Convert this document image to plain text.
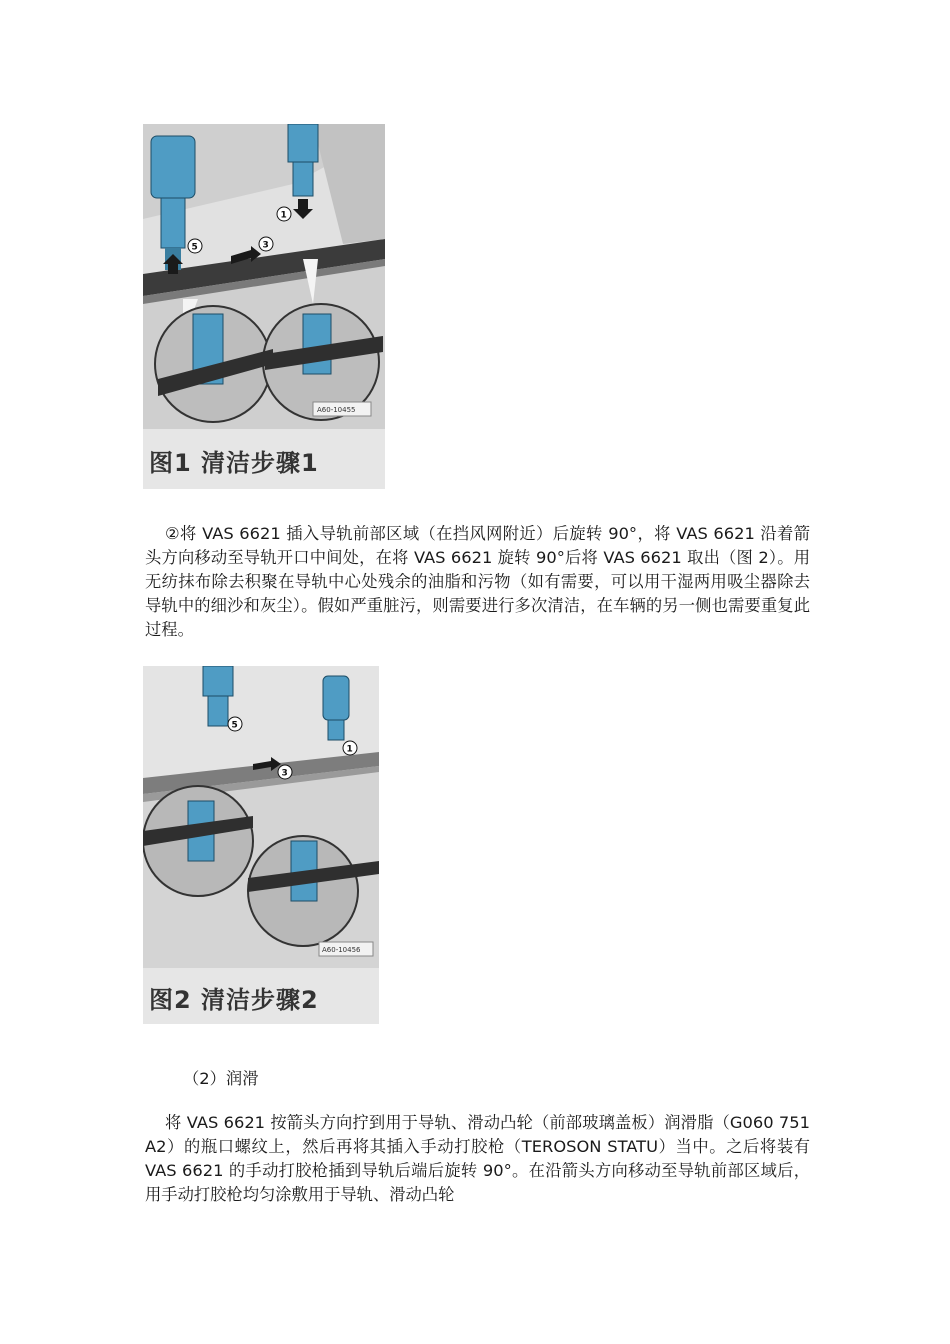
1
3
5
A60-10455
图1 清洁步骤1

②将 VAS 6621 插入导轨前部区域（在挡风网附近）后旋转 90°，将 VAS 6621 沿着箭头方向移动至导轨开口中间处，在将 VAS 6621 旋转 90°后将 VAS 6621 取出（图 2）。用无纺抹布除去积聚在导轨中心处残余的油脂和污物（如有需要，可以用干湿两用吸尘器除去导轨中的细沙和灰尘）。假如严重脏污，则需要进行多次清洁，在车辆的另一侧也需要重复此过程。

1
3
5
A60-10456
图2 清洁步骤2

（2）润滑

将 VAS 6621 按箭头方向拧到用于导轨、滑动凸轮（前部玻璃盖板）润滑脂（G060 751 A2）的瓶口螺纹上，然后再将其插入手动打胶枪（TEROSON STATU）当中。之后将装有 VAS 6621 的手动打胶枪插到导轨后端后旋转 90°。在沿箭头方向移动至导轨前部区域后，用手动打胶枪均匀涂敷用于导轨、滑动凸轮
